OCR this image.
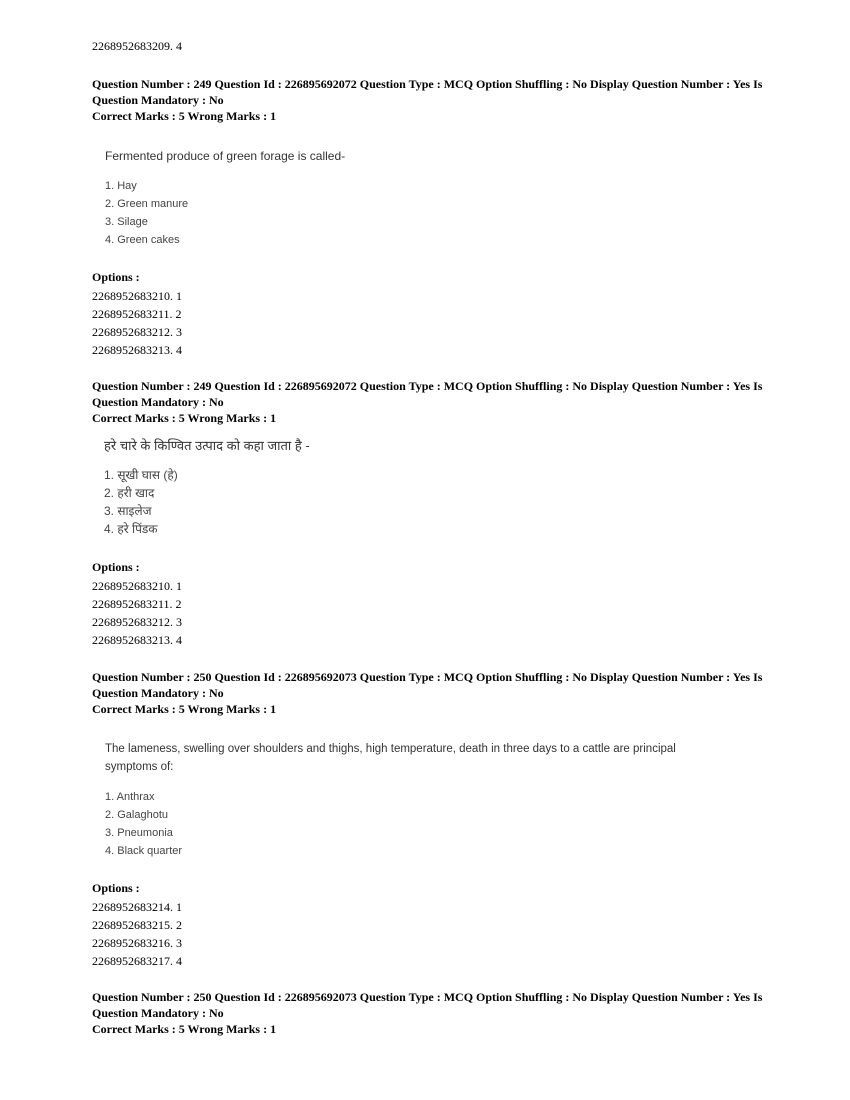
2268952683209. 4
Question Number : 249 Question Id : 226895692072 Question Type : MCQ Option Shuffling : No Display Question Number : Yes Is
Question Mandatory : No
Correct Marks : 5 Wrong Marks : 1
Fermented produce of green forage is called-
1. Hay
2. Green manure
3. Silage
4. Green cakes
Options :
2268952683210. 1
2268952683211. 2
2268952683212. 3
2268952683213. 4
Question Number : 249 Question Id : 226895692072 Question Type : MCQ Option Shuffling : No Display Question Number : Yes Is
Question Mandatory : No
Correct Marks : 5 Wrong Marks : 1
हरे चारे के किण्वित उत्पाद को कहा जाता है -
1. सूखी घास (हे)
2. हरी खाद
3. साइलेज
4. हरे पिंडक
Options :
2268952683210. 1
2268952683211. 2
2268952683212. 3
2268952683213. 4
Question Number : 250 Question Id : 226895692073 Question Type : MCQ Option Shuffling : No Display Question Number : Yes Is
Question Mandatory : No
Correct Marks : 5 Wrong Marks : 1
The lameness, swelling over shoulders and thighs, high temperature, death in three days to a cattle are principal
symptoms of:
1. Anthrax
2. Galaghotu
3. Pneumonia
4. Black quarter
Options :
2268952683214. 1
2268952683215. 2
2268952683216. 3
2268952683217. 4
Question Number : 250 Question Id : 226895692073 Question Type : MCQ Option Shuffling : No Display Question Number : Yes Is
Question Mandatory : No
Correct Marks : 5 Wrong Marks : 1
